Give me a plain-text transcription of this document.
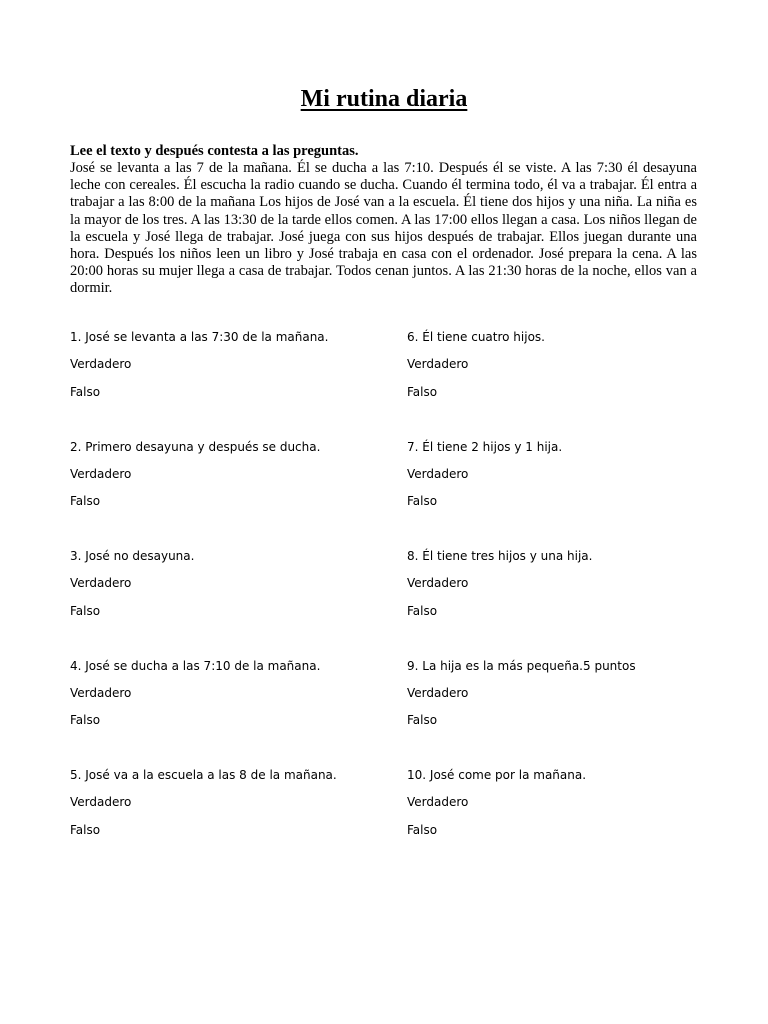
Mi rutina diaria

Lee el texto y después contesta a las preguntas.

José se levanta a las 7 de la mañana. Él se ducha a las 7:10. Después él se viste. A las 7:30 él desayuna leche con cereales. Él escucha la radio cuando se ducha. Cuando él termina todo, él va a trabajar. Él entra a trabajar a las 8:00 de la mañana Los hijos de José van a la escuela. Él tiene dos hijos y una niña. La niña es la mayor de los tres. A las 13:30 de la tarde ellos comen. A las 17:00 ellos llegan a casa. Los niños llegan de la escuela y José llega de trabajar. José juega con sus hijos después de trabajar. Ellos juegan durante una hora. Después los niños leen un libro y José trabaja en casa con el ordenador. José prepara la cena. A las 20:00 horas su mujer llega a casa de trabajar. Todos cenan juntos. A las 21:30 horas de la noche, ellos van a dormir.

1. José se levanta a las 7:30 de la mañana.
Verdadero
Falso
2. Primero desayuna y después se ducha.
Verdadero
Falso
3. José no desayuna.
Verdadero
Falso
4. José se ducha a las 7:10 de la mañana.
Verdadero
Falso
5. José va a la escuela a las 8 de la mañana.
Verdadero
Falso
6. Él tiene cuatro hijos.
Verdadero
Falso
7. Él tiene 2 hijos y 1 hija.
Verdadero
Falso
8. Él tiene tres hijos y una hija.
Verdadero
Falso
9. La hija es la más pequeña.5 puntos
Verdadero
Falso
10. José come por la mañana.
Verdadero
Falso
